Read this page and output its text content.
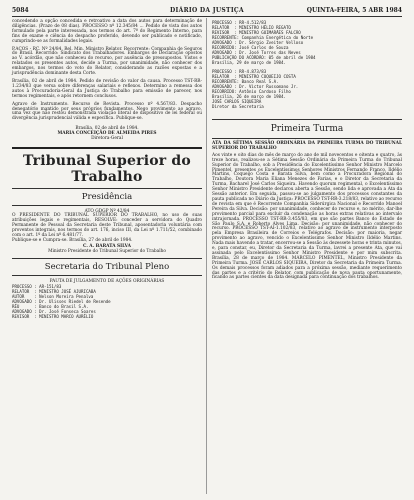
5084	DIÁRIO DA JUSTIÇA	QUINTA-FEIRA, 5 ABR 1984

concedendo a opção concedida e retroativo a data dos autos para determinação de diligências. (Prazo de 08 dias). PROCESSO nº 12.345/84 ... Pedido de vista dos autos formulado pela parte interessada, nos termos do art. 7º do Regimento Interno, para fins de exame e ciência do despacho proferido, devendo ser publicado e notificado, cumprindo-se as formalidades legais.

P.ACOS - RC. Nº 24/84. Rel. Min. Ministro Relator. Recorrente: Companhia de Seguros do Brasil. Recorrido: Sindicato dos Trabalhadores. Embargos de Declaração opostos ao V. acórdão, que não conheceu do recurso, por ausência de pressupostos. Vistos e relatados os presentes autos, decide a Turma, por unanimidade, não conhecer dos embargos, nos termos do voto do Relator, considerando as razões expostas e a jurisprudência dominante desta Corte.

Brasília, 02 de abril de 1984. Pedido de revisão do valor da causa. Processo TST-RR-1.234/83 que versa sobre diferenças salariais e reflexos. Determino a remessa dos autos à Procuradoria-Geral da Justiça do Trabalho para emissão de parecer, nos termos regimentais, e após retornem conclusos.

Agravo de Instrumento. Recurso de Revista. Processo nº 4.567/83. Despacho denegatório mantido por seus próprios fundamentos. Nego provimento ao agravo, uma vez que não restou demonstrada violação literal de dispositivo de lei federal ou divergência jurisprudencial válida e específica. Publique-se.

Brasília, 02 de abril de 1984.

MARIA CONCEIÇÃO DE ALMEIDA PIRES

Diretora-Geral

Tribunal Superior do Trabalho
Presidência

ATO GDGP Nº 42/84

O PRESIDENTE DO TRIBUNAL SUPERIOR DO TRABALHO, no uso de suas atribuições legais e regimentais, RESOLVE: conceder a servidora do Quadro Permanente de Pessoal da Secretaria deste Tribunal, aposentadoria voluntária com proventos integrais, nos termos do art. 176, inciso III, da Lei nº 1.711/52, combinado com o art. 1º da Lei nº 6.481/77.

Publique-se e Cumpra-se. Brasília, 27 de abril de 1984.

C. A. BARATA SILVA

Ministro Presidente do Tribunal Superior do Trabalho

Secretaria do Tribunal Pleno

PAUTA DE JULGAMENTO DE AÇÕES ORIGINÁRIAS

PROCESSO : AR-151/83
RELATOR  : MINISTRO JOSÉ AJURICABA
AUTOR    : Nelson Moreira Penalva
ADVOGADO : Dr. Ulisses Riedel de Resende
RÉU      : Banco do Brasil S.A.
ADVOGADO : Dr. José Fonseca Soares
REVISOR  : MINISTRO MARCO AURÉLIO
PROCESSO : RR-4.512/83
RELATOR  : MINISTRO HÉLIO REGATO
REVISOR  : MINISTRO GUIMARÃES FALCÃO
RECORRENTE: Companhia Energética do Norte
ADVOGADO : Dr. Sérgio Zveiter Velloso
RECORRIDO: José Carlos de Souza
ADVOGADO : Dr. José Torres das Neves
PUBLICAÇÃO DO ACÓRDÃO: 05 de abril de 1984
Brasília, 29 de março de 1984.
PROCESSO : RR-4.873/83
RELATOR  : MINISTRO COQUEIJO COSTA
RECORRENTE: Banco Real S.A.
ADVOGADO : Dr. Victor Russomano Jr.
RECORRIDO: Antônio Cardoso Filho
Brasília, 26 de março de 1984.
JOSÉ CARLOS SIQUEIRA
Diretor da Secretaria
Primeira Turma

ATA DA SÉTIMA SESSÃO ORDINÁRIA DA PRIMEIRA TURMA DO TRIBUNAL SUPERIOR DO TRABALHO

Aos vinte e oito dias do mês de março do ano de mil novecentos e oitenta e quatro, às treze horas, realizou-se a Sétima Sessão Ordinária da Primeira Turma do Tribunal Superior do Trabalho, sob a Presidência do Excelentíssimo Senhor Ministro Marcelo Pimentel, presentes os Excelentíssimos Senhores Ministros Fernando Franco, Ildélio Martins, Coqueijo Costa e Barata Silva, bem como a Procuradora Regional do Trabalho, Doutora Maria Eliana Menezes de Farias, e o Diretor da Secretaria da Turma, Bacharel José Carlos Siqueira. Havendo quorum regimental, o Excelentíssimo Senhor Ministro Presidente declarou aberta a Sessão, sendo lida e aprovada a Ata da Sessão anterior. Em seguida, passou-se ao julgamento dos processos constantes da pauta publicada no Diário da Justiça: PROCESSO TST-RR-3.218/83, relativo ao recurso de revista em que é Recorrente Companhia Siderúrgica Nacional e Recorrido Manoel Pereira da Silva. Decisão: por unanimidade, conhecer do recurso e, no mérito, dar-lhe provimento parcial para excluir da condenação as horas extras relativas ao intervalo intrajornada. PROCESSO TST-RR-3.455/83, em que são partes Banco do Estado de São Paulo S.A. e Roberto Alves Lima. Decisão: por unanimidade, não conhecer do recurso. PROCESSO TST-AI-1.102/83, relativo ao agravo de instrumento interposto pela Empresa Brasileira de Correios e Telégrafos. Decisão: por maioria, negar provimento ao agravo, vencido o Excelentíssimo Senhor Ministro Ildélio Martins. Nada mais havendo a tratar, encerrou-se a Sessão às dezessete horas e trinta minutos, e, para constar, eu, Diretor da Secretaria da Turma, lavrei a presente Ata, que vai assinada pelo Excelentíssimo Senhor Ministro Presidente e por mim subscrita. Brasília, 28 de março de 1984. MARCELO PIMENTEL, Ministro Presidente da Primeira Turma. JOSÉ CARLOS SIQUEIRA, Diretor da Secretaria da Primeira Turma. Os demais processos foram adiados para a próxima sessão, mediante requerimento das partes e a critério do Relator, com publicação de nova pauta oportunamente, ficando as partes cientes da data designada para continuação dos trabalhos.
